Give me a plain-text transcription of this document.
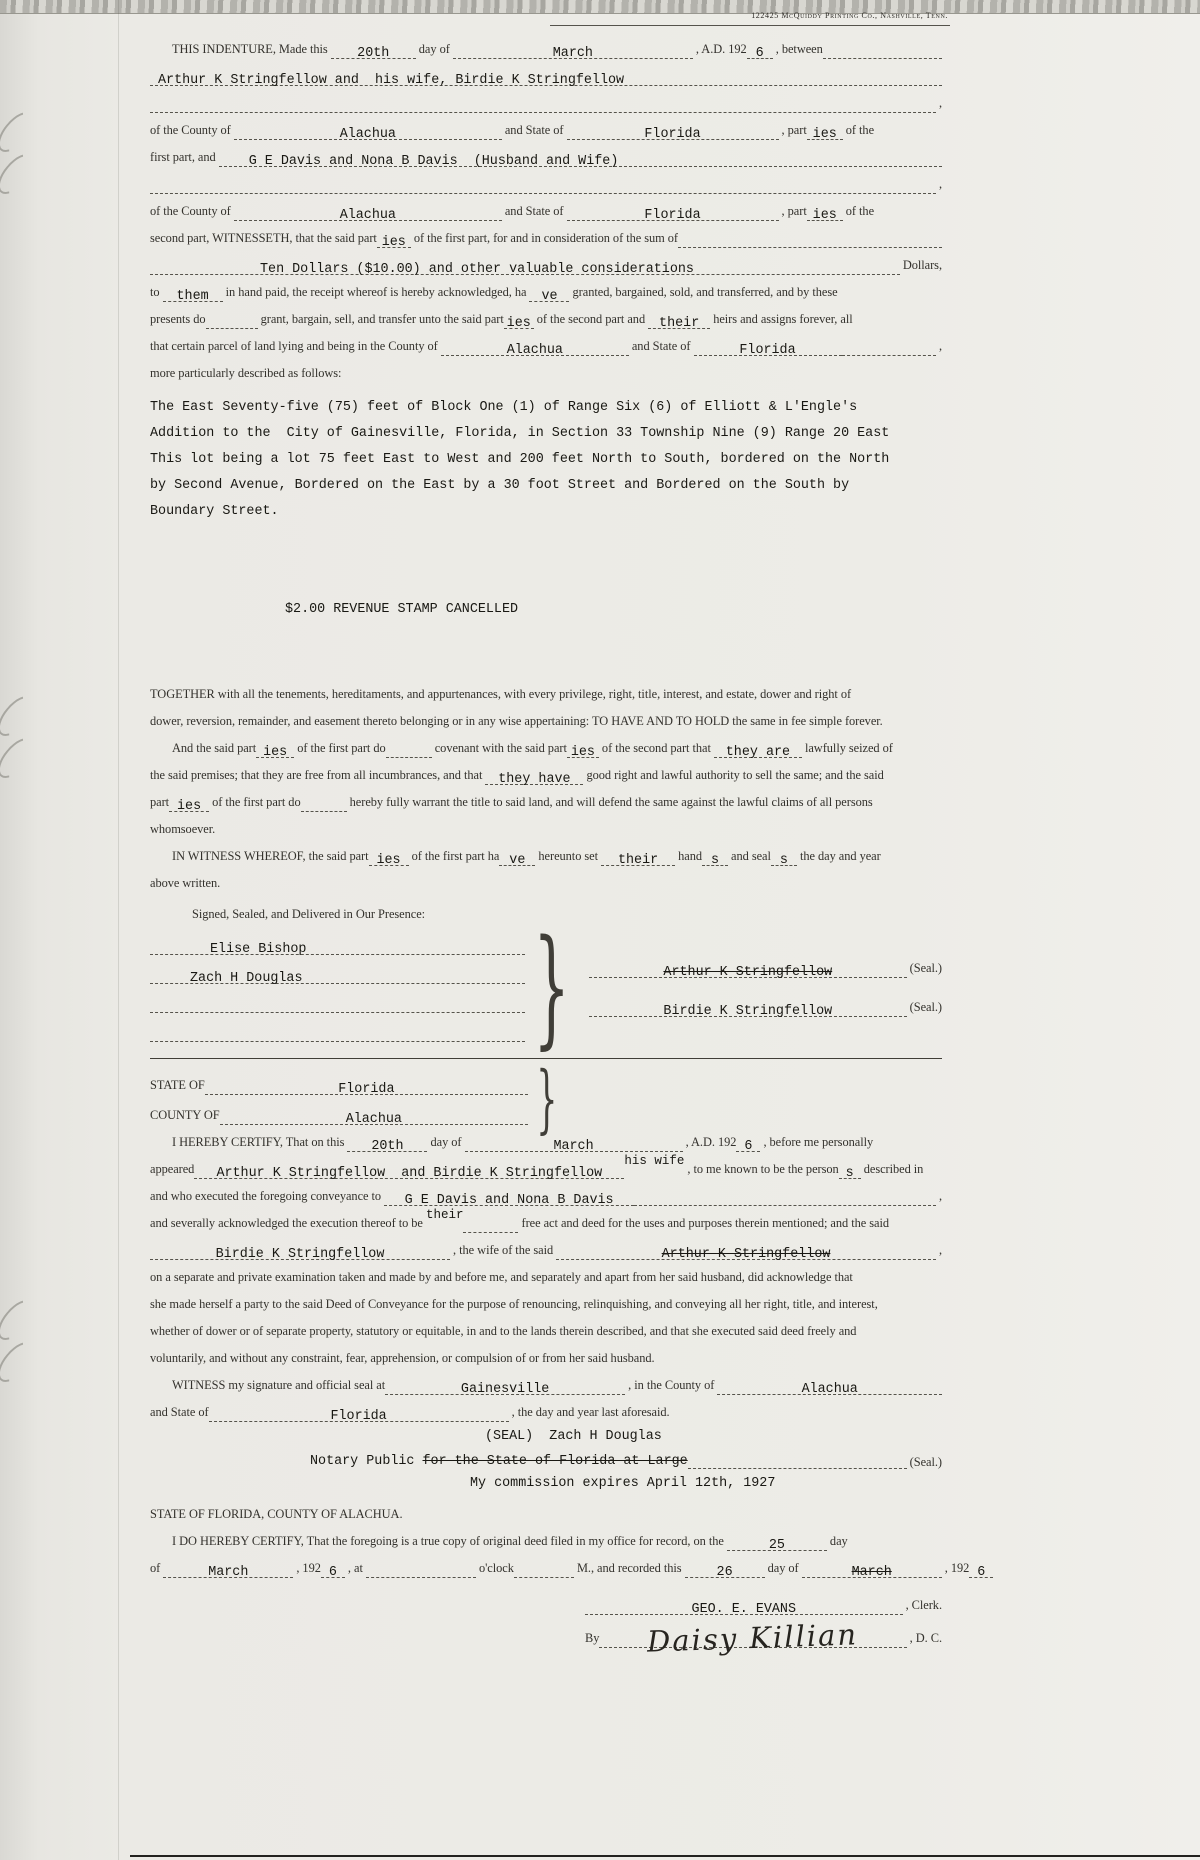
122425 McQuiddy Printing Co., Nashville, Tenn.
THIS INDENTURE, Made this	20th	day of	March	, A.D. 192 6 , between
Arthur K Stringfellow and  his wife, Birdie K Stringfellow
,
of the County of	Alachua	and State of	Florida	, part ies of the
first part, and	G E Davis and Nona B Davis  (Husband and Wife)
,
of the County of	Alachua	and State of	Florida	, part ies of the
second part, WITNESSETH, that the said part ies of the first part, for and in consideration of the sum of
Ten Dollars ($10.00) and other valuable considerations	Dollars,
to	them	in hand paid, the receipt whereof is hereby acknowledged, ha ve granted, bargained, sold, and transferred, and by these
presents do	grant, bargain, sell, and transfer unto the said part ies of the second part and their heirs and assigns forever, all
that certain parcel of land lying and being in the County of	Alachua	and State of	Florida	,
more particularly described as follows:
The East Seventy-five (75) feet of Block One (1) of Range Six (6) of Elliott & L'Engle's
Addition to the  City of Gainesville, Florida, in Section 33 Township Nine (9) Range 20 East
This lot being a lot 75 feet East to West and 200 feet North to South, bordered on the North
by Second Avenue, Bordered on the East by a 30 foot Street and Bordered on the South by
Boundary Street.
$2.00 REVENUE STAMP CANCELLED
TOGETHER with all the tenements, hereditaments, and appurtenances, with every privilege, right, title, interest, and estate, dower and right of
dower, reversion, remainder, and easement thereto belonging or in any wise appertaining: TO HAVE AND TO HOLD the same in fee simple forever.
And the said part ies of the first part do	covenant with the said part ies of the second part that they are lawfully seized of
the said premises; that they are free from all incumbrances, and that they have	good right and lawful authority to sell the same; and the said
part ies of the first part do	hereby fully warrant the title to said land, and will defend the same against the lawful claims of all persons
whomsoever.
IN WITNESS WHEREOF, the said part ies of the first part ha ve hereunto set	their	hand s and seal s the day and year
above written.
Signed, Sealed, and Delivered in Our Presence:
Elise Bishop
Zach H Douglas	}	Arthur K Stringfellow	(Seal.)
Birdie K Stringfellow	(Seal.)
STATE OF	Florida
COUNTY OF	Alachua	}
I HEREBY CERTIFY, That on this	20th	day of	March	, A.D. 192 6 , before me personally
appeared	Arthur K Stringfellow  and Birdie K Stringfellow
his wife
, to me known to be the person s described in
and who executed the foregoing conveyance to	G E Davis and Nona B Davis	,
and severally acknowledged the execution thereof to be
their
free act and deed for the uses and purposes therein mentioned; and the said
Birdie K Stringfellow	, the wife of the said	Arthur K Stringfellow	,
on a separate and private examination taken and made by and before me, and separately and apart from her said husband, did acknowledge that
she made herself a party to the said Deed of Conveyance for the purpose of renouncing, relinquishing, and conveying all her right, title, and interest,
whether of dower or of separate property, statutory or equitable, in and to the lands therein described, and that she executed said deed freely and
voluntarily, and without any constraint, fear, apprehension, or compulsion of or from her said husband.
WITNESS my signature and official seal at	Gainesville	, in the County of	Alachua
and State of	Florida	, the day and year last aforesaid.
(SEAL)  Zach H Douglas
Notary Public for the State of Florida at Large	(Seal.)
My commission expires April 12th, 1927
STATE OF FLORIDA, COUNTY OF ALACHUA.
I DO HEREBY CERTIFY, That the foregoing is a true copy of original deed filed in my office for record, on the	25	day
of	March	, 192 6 , at	o'clock	M., and recorded this	26	day of	March	, 192 6
GEO. E. EVANS	, Clerk.
By	Daisy Killian	, D. C.
